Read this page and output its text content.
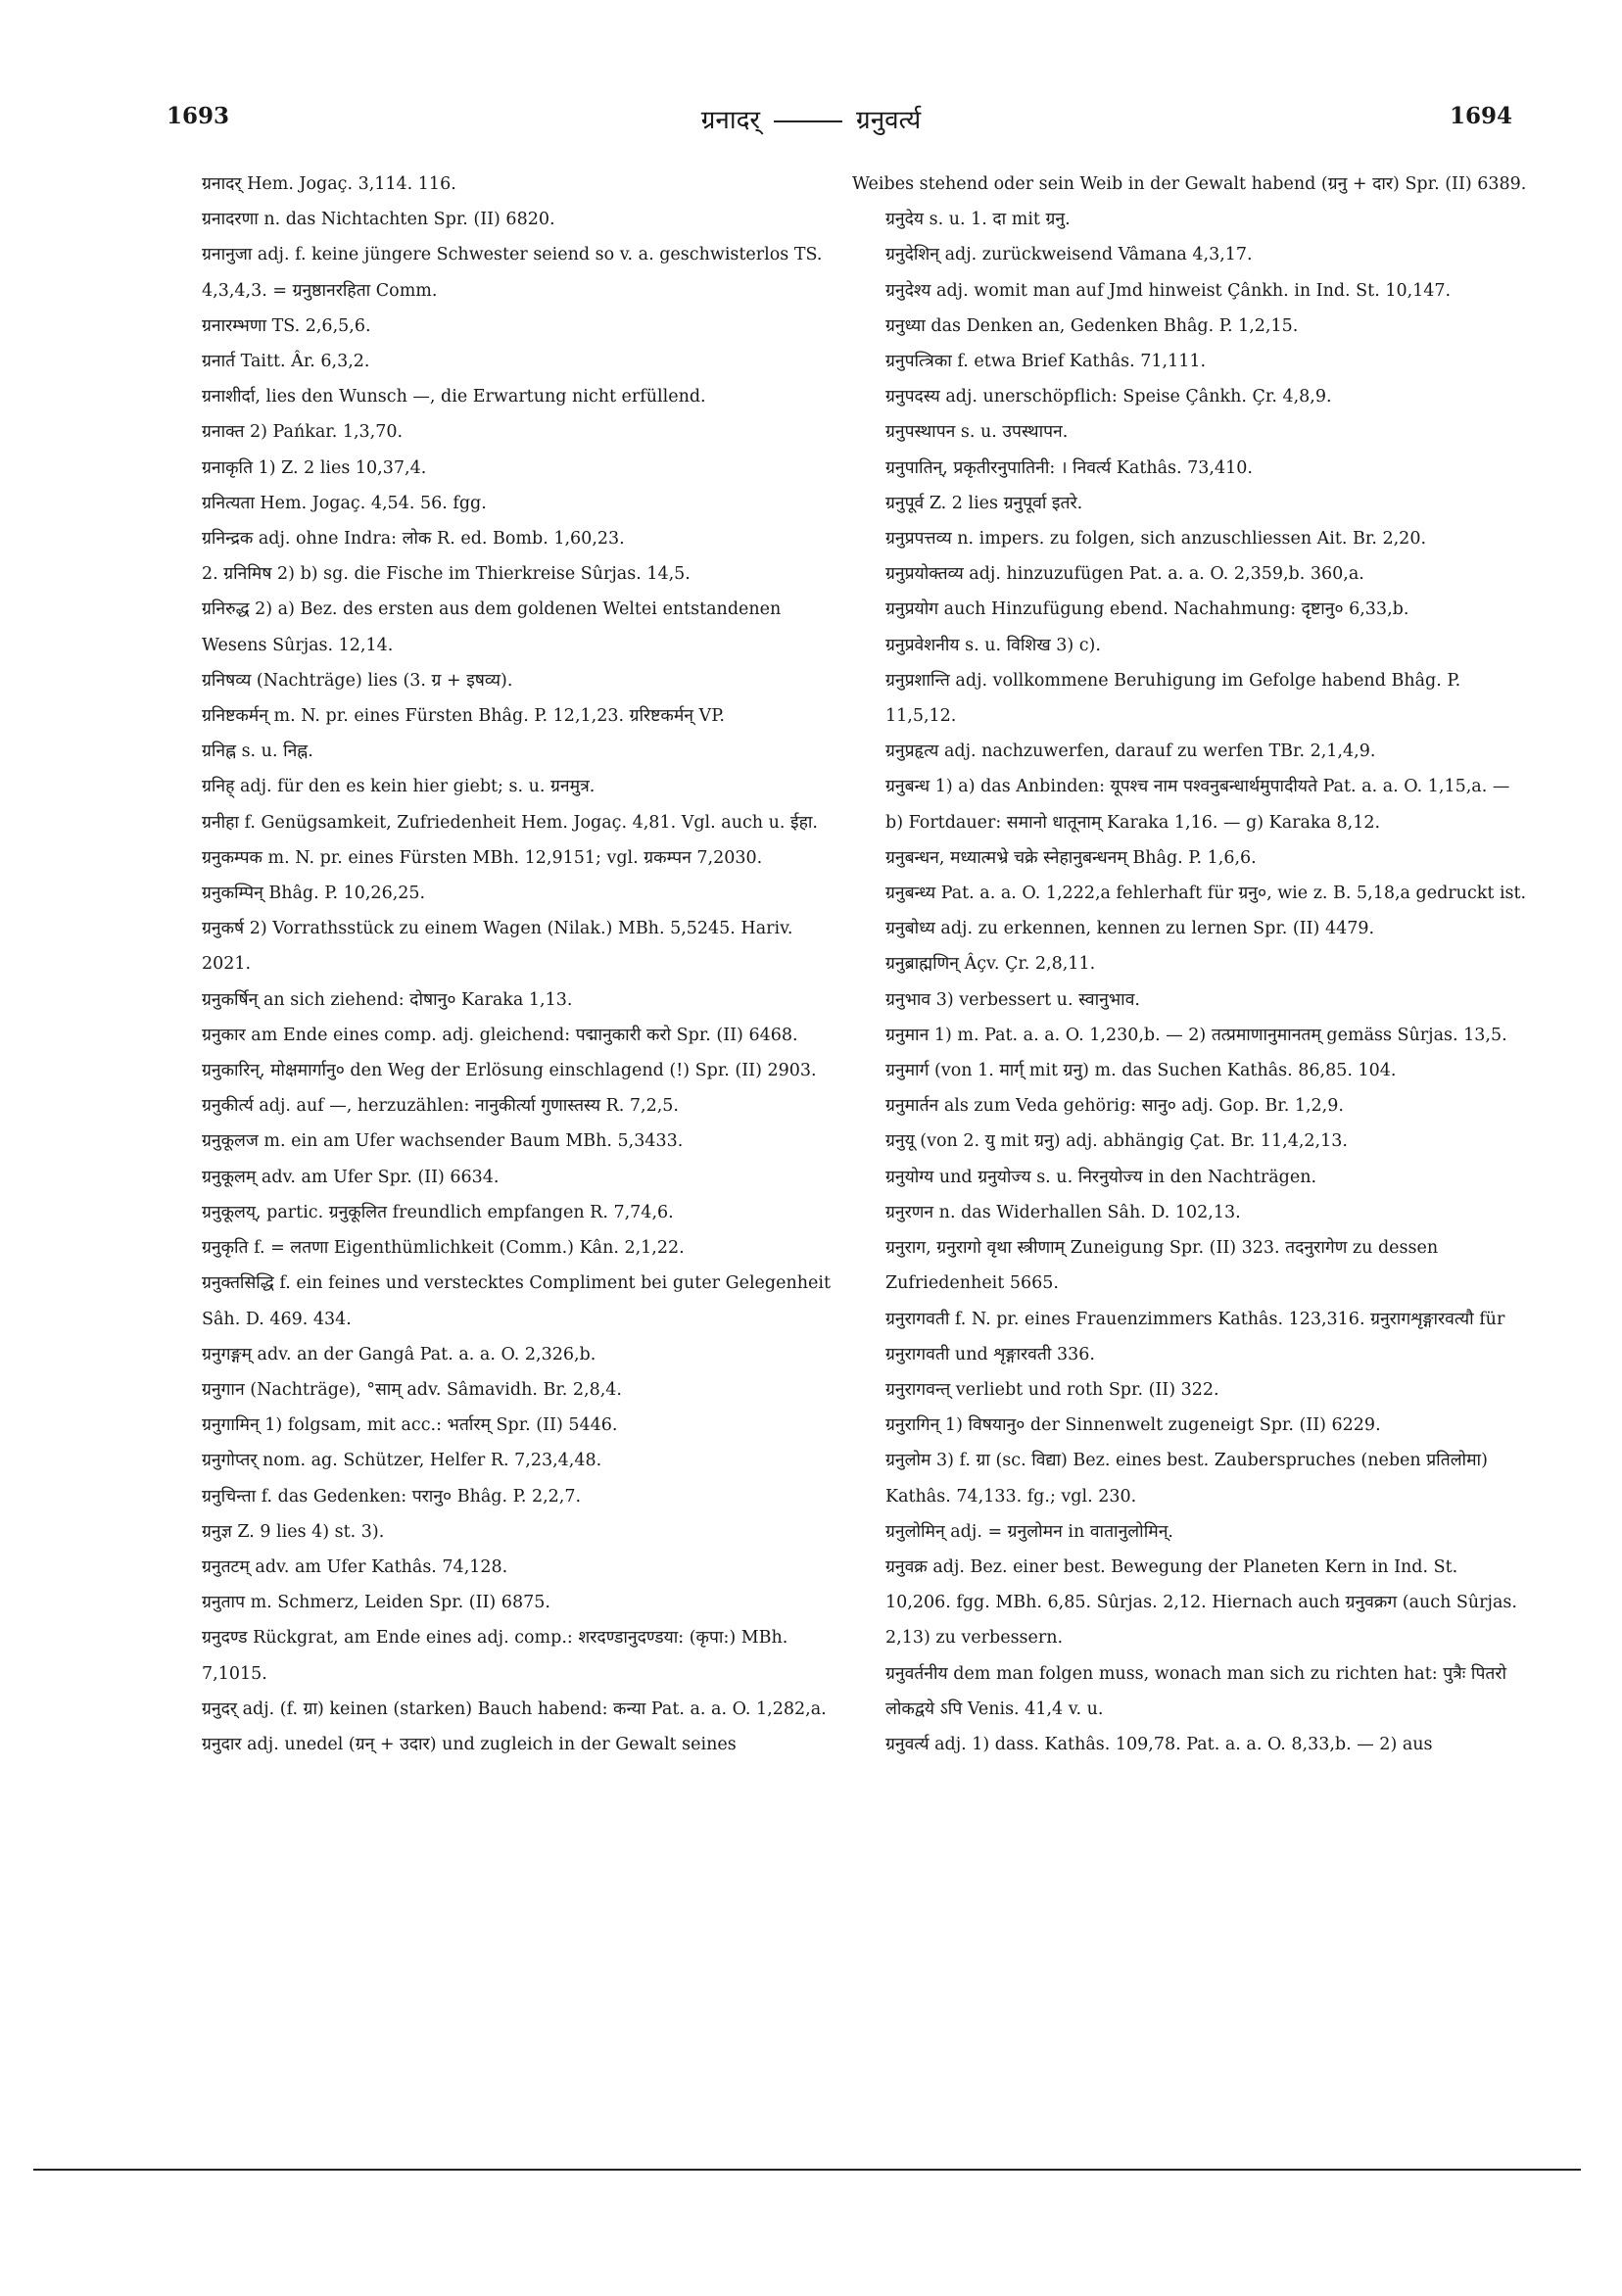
1693	ग्रनादर्	ग्रनुवर्त्य	1694

ग्रनादर् Hem. Jogaç. 3,114. 116.

ग्रनादरणा n. das Nichtachten Spr. (II) 6820.

ग्रनानुजा adj. f. keine jüngere Schwester seiend so v. a. geschwisterlos TS. 4,3,4,3. = ग्रनुष्ठानरहिता Comm.

ग्रनारम्भणा TS. 2,6,5,6.

ग्रनार्त Taitt. Âr. 6,3,2.

ग्रनाशीर्दा, lies den Wunsch —, die Erwartung nicht erfüllend.

ग्रनाक्त 2) Pańkar. 1,3,70.

ग्रनाकृति 1) Z. 2 lies 10,37,4.

ग्रनित्यता Hem. Jogaç. 4,54. 56. fgg.

ग्रनिन्द्रक adj. ohne Indra: लोक R. ed. Bomb. 1,60,23.

2. ग्रनिमिष 2) b) sg. die Fische im Thierkreise Sûrjas. 14,5.

ग्रनिरुद्ध 2) a) Bez. des ersten aus dem goldenen Weltei entstandenen Wesens Sûrjas. 12,14.

ग्रनिषव्य (Nachträge) lies (3. ग्र + इषव्य).

ग्रनिष्टकर्मन् m. N. pr. eines Fürsten Bhâg. P. 12,1,23. ग्ररिष्टकर्मन् VP.

ग्रनिह्न s. u. निह्न.

ग्रनिह् adj. für den es kein hier giebt; s. u. ग्रनमुत्र.

ग्रनीहा f. Genügsamkeit, Zufriedenheit Hem. Jogaç. 4,81. Vgl. auch u. ईहा.

ग्रनुकम्पक m. N. pr. eines Fürsten MBh. 12,9151; vgl. ग्रकम्पन 7,2030.

ग्रनुकम्पिन् Bhâg. P. 10,26,25.

ग्रनुकर्ष 2) Vorrathsstück zu einem Wagen (Nilak.) MBh. 5,5245. Hariv. 2021.

ग्रनुकर्षिन् an sich ziehend: दोषानु० Karaka 1,13.

ग्रनुकार am Ende eines comp. adj. gleichend: पद्मानुकारी करो Spr. (II) 6468.

ग्रनुकारिन्, मोक्षमार्गानु० den Weg der Erlösung einschlagend (!) Spr. (II) 2903.

ग्रनुकीर्त्य adj. auf —, herzuzählen: नानुकीर्त्या गुणास्तस्य R. 7,2,5.

ग्रनुकूलज m. ein am Ufer wachsender Baum MBh. 5,3433.

ग्रनुकूलम् adv. am Ufer Spr. (II) 6634.

ग्रनुकूलय्, partic. ग्रनुकूलित freundlich empfangen R. 7,74,6.

ग्रनुकृति f. = लतणा Eigenthümlichkeit (Comm.) Kân. 2,1,22.

ग्रनुक्तसिद्धि f. ein feines und verstecktes Compliment bei guter Gelegenheit Sâh. D. 469. 434.

ग्रनुगङ्गम् adv. an der Gangâ Pat. a. a. O. 2,326,b.

ग्रनुगान (Nachträge), °साम् adv. Sâmavidh. Br. 2,8,4.

ग्रनुगामिन् 1) folgsam, mit acc.: भर्तारम् Spr. (II) 5446.

ग्रनुगोप्तर् nom. ag. Schützer, Helfer R. 7,23,4,48.

ग्रनुचिन्ता f. das Gedenken: परानु० Bhâg. P. 2,2,7.

ग्रनुज्ञ Z. 9 lies 4) st. 3).

ग्रनुतटम् adv. am Ufer Kathâs. 74,128.

ग्रनुताप m. Schmerz, Leiden Spr. (II) 6875.

ग्रनुदण्ड Rückgrat, am Ende eines adj. comp.: शरदण्डानुदण्डया: (कृपा:) MBh. 7,1015.

ग्रनुदर् adj. (f. ग्रा) keinen (starken) Bauch habend: कन्या Pat. a. a. O. 1,282,a.

ग्रनुदार adj. unedel (ग्रन् + उदार) und zugleich in der Gewalt seines

Weibes stehend oder sein Weib in der Gewalt habend (ग्रनु + दार) Spr. (II) 6389.

ग्रनुदेय s. u. 1. दा mit ग्रनु.

ग्रनुदेशिन् adj. zurückweisend Vâmana 4,3,17.

ग्रनुदेश्य adj. womit man auf Jmd hinweist Çânkh. in Ind. St. 10,147.

ग्रनुध्या das Denken an, Gedenken Bhâg. P. 1,2,15.

ग्रनुपत्त्रिका f. etwa Brief Kathâs. 71,111.

ग्रनुपदस्य adj. unerschöpflich: Speise Çânkh. Çr. 4,8,9.

ग्रनुपस्थापन s. u. उपस्थापन.

ग्रनुपातिन्, प्रकृतीरनुपातिनी: । निवर्त्य Kathâs. 73,410.

ग्रनुपूर्व Z. 2 lies ग्रनुपूर्वा इतरे.

ग्रनुप्रपत्तव्य n. impers. zu folgen, sich anzuschliessen Ait. Br. 2,20.

ग्रनुप्रयोक्तव्य adj. hinzuzufügen Pat. a. a. O. 2,359,b. 360,a.

ग्रनुप्रयोग auch Hinzufügung ebend. Nachahmung: दृष्टानु० 6,33,b.

ग्रनुप्रवेशनीय s. u. विशिख 3) c).

ग्रनुप्रशान्ति adj. vollkommene Beruhigung im Gefolge habend Bhâg. P. 11,5,12.

ग्रनुप्रहृत्य adj. nachzuwerfen, darauf zu werfen TBr. 2,1,4,9.

ग्रनुबन्ध 1) a) das Anbinden: यूपश्च नाम पश्वनुबन्धार्थमुपादीयते Pat. a. a. O. 1,15,a. — b) Fortdauer: समानो धातूनाम् Karaka 1,16. — g) Karaka 8,12.

ग्रनुबन्धन, मध्यात्मभ्रे चक्रे स्नेहानुबन्धनम् Bhâg. P. 1,6,6.

ग्रनुबन्ध्य Pat. a. a. O. 1,222,a fehlerhaft für ग्रनु०, wie z. B. 5,18,a gedruckt ist.

ग्रनुबोध्य adj. zu erkennen, kennen zu lernen Spr. (II) 4479.

ग्रनुब्राह्मणिन् Âçv. Çr. 2,8,11.

ग्रनुभाव 3) verbessert u. स्वानुभाव.

ग्रनुमान 1) m. Pat. a. a. O. 1,230,b. — 2) तत्प्रमाणानुमानतम् gemäss Sûrjas. 13,5.

ग्रनुमार्ग (von 1. मार्ग् mit ग्रनु) m. das Suchen Kathâs. 86,85. 104.

ग्रनुमार्तन als zum Veda gehörig: सानु० adj. Gop. Br. 1,2,9.

ग्रनुयू (von 2. यु mit ग्रनु) adj. abhängig Çat. Br. 11,4,2,13.

ग्रनुयोग्य und ग्रनुयोज्य s. u. निरनुयोज्य in den Nachträgen.

ग्रनुरणन n. das Widerhallen Sâh. D. 102,13.

ग्रनुराग, ग्रनुरागो वृथा स्त्रीणाम् Zuneigung Spr. (II) 323. तदनुरागेण zu dessen Zufriedenheit 5665.

ग्रनुरागवती f. N. pr. eines Frauenzimmers Kathâs. 123,316. ग्रनुरागशृङ्गारवत्यौ für ग्रनुरागवती und शृङ्गारवती 336.

ग्रनुरागवन्त् verliebt und roth Spr. (II) 322.

ग्रनुरागिन् 1) विषयानु० der Sinnenwelt zugeneigt Spr. (II) 6229.

ग्रनुलोम 3) f. ग्रा (sc. विद्या) Bez. eines best. Zauberspruches (neben प्रतिलोमा) Kathâs. 74,133. fg.; vgl. 230.

ग्रनुलोमिन् adj. = ग्रनुलोमन in वातानुलोमिन्.

ग्रनुवक्र adj. Bez. einer best. Bewegung der Planeten Kern in Ind. St. 10,206. fgg. MBh. 6,85. Sûrjas. 2,12. Hiernach auch ग्रनुवक्रग (auch Sûrjas. 2,13) zu verbessern.

ग्रनुवर्तनीय dem man folgen muss, wonach man sich zu richten hat: पुत्रैः पितरो लोकद्वये ऽपि Venis. 41,4 v. u.

ग्रनुवर्त्य adj. 1) dass. Kathâs. 109,78. Pat. a. a. O. 8,33,b. — 2) aus
